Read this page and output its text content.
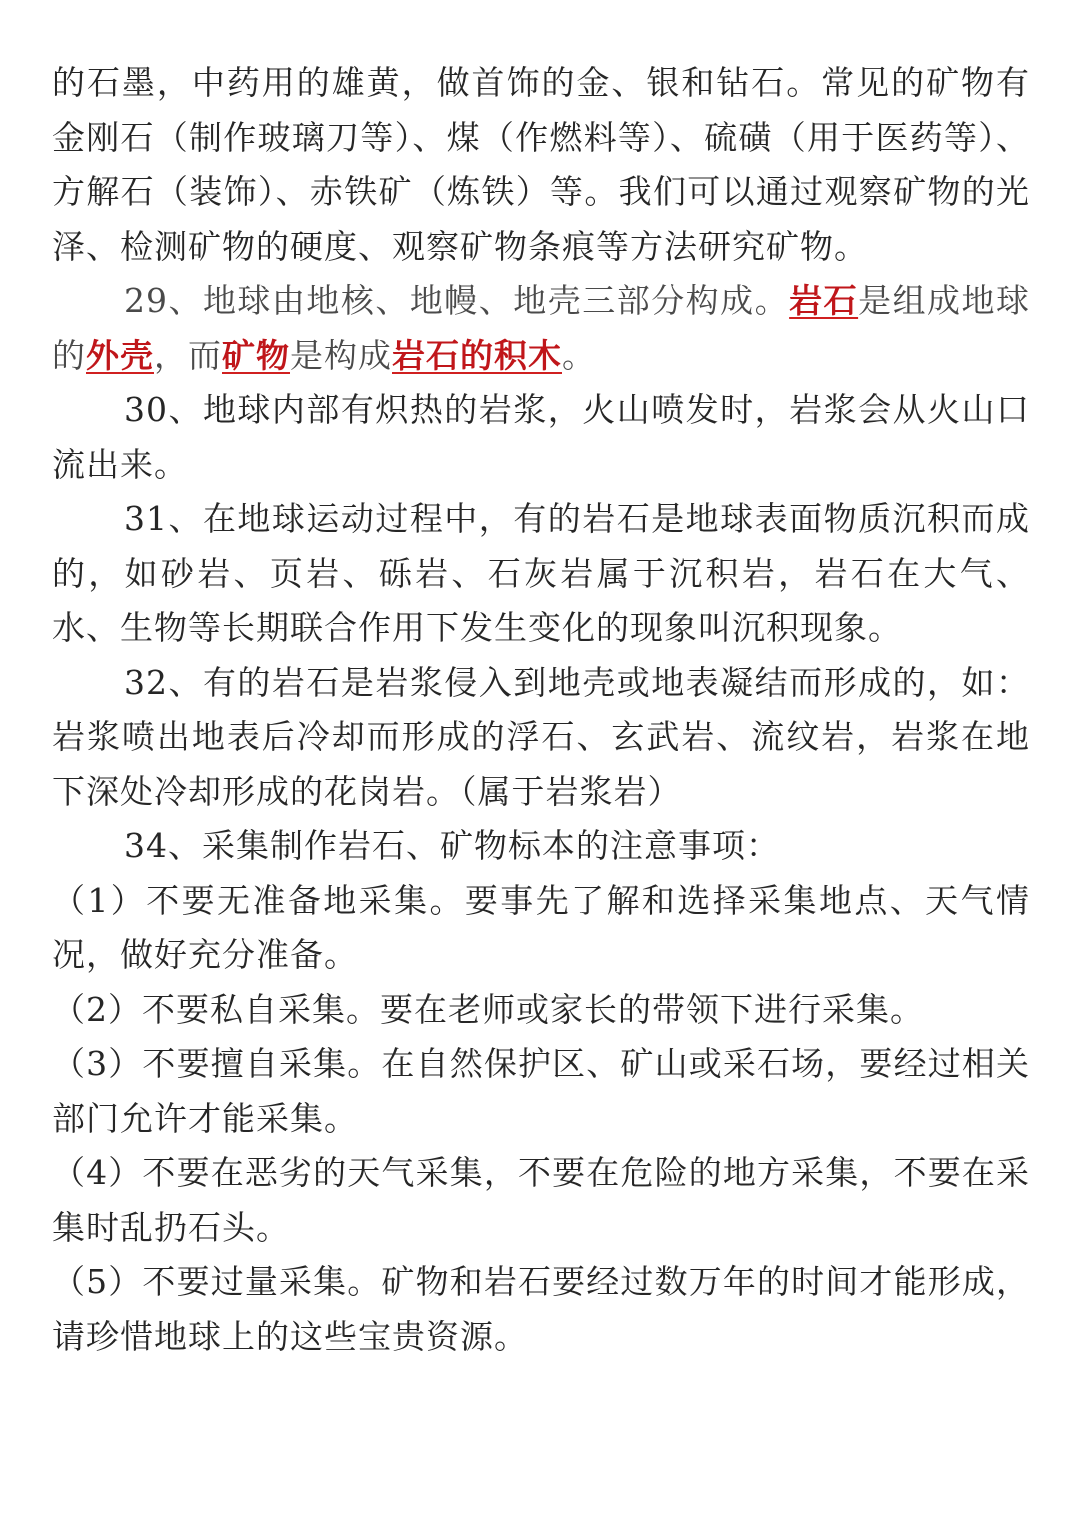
的石墨，中药用的雄黄，做首饰的金、银和钻石。常见的矿物有金刚石（制作玻璃刀等）、煤（作燃料等）、硫磺（用于医药等）、方解石（装饰）、赤铁矿（炼铁）等。我们可以通过观察矿物的光泽、检测矿物的硬度、观察矿物条痕等方法研究矿物。

29、地球由地核、地幔、地壳三部分构成。岩石是组成地球的外壳，而矿物是构成岩石的积木。

30、地球内部有炽热的岩浆，火山喷发时，岩浆会从火山口流出来。

31、在地球运动过程中，有的岩石是地球表面物质沉积而成的，如砂岩、页岩、砾岩、石灰岩属于沉积岩，岩石在大气、水、生物等长期联合作用下发生变化的现象叫沉积现象。

32、有的岩石是岩浆侵入到地壳或地表凝结而形成的，如：岩浆喷出地表后冷却而形成的浮石、玄武岩、流纹岩，岩浆在地下深处冷却形成的花岗岩。（属于岩浆岩）

34、采集制作岩石、矿物标本的注意事项：

（1）不要无准备地采集。要事先了解和选择采集地点、天气情况，做好充分准备。

（2）不要私自采集。要在老师或家长的带领下进行采集。

（3）不要擅自采集。在自然保护区、矿山或采石场，要经过相关部门允许才能采集。

（4）不要在恶劣的天气采集，不要在危险的地方采集，不要在采集时乱扔石头。

（5）不要过量采集。矿物和岩石要经过数万年的时间才能形成，请珍惜地球上的这些宝贵资源。
